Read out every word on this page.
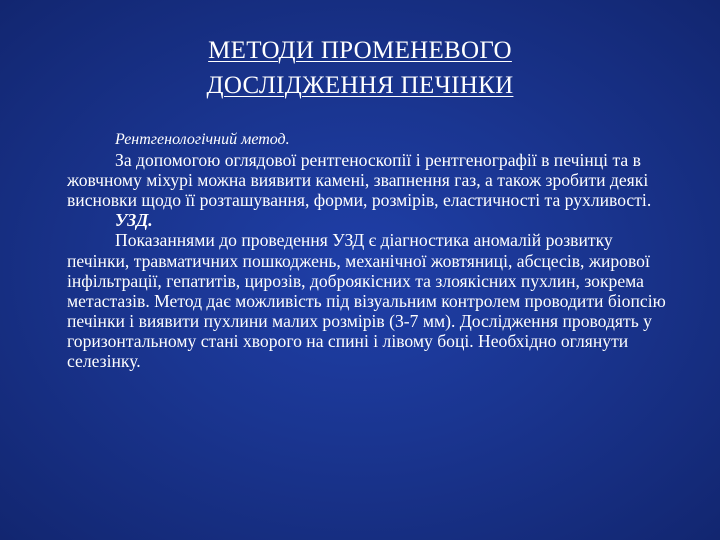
МЕТОДИ ПРОМЕНЕВОГО
ДОСЛІДЖЕННЯ ПЕЧІНКИ

Рентгенологічний метод.

За допомогою оглядової рентгеноскопії і рентгенографії в печінці та в жовчному міхурі можна виявити камені, звапнення газ, а також зробити деякі висновки щодо її розташування, форми, розмірів, еластичності та рухливості.

УЗД.

Показаннями до проведення УЗД є діагностика аномалій розвитку печінки, травматичних пошкоджень, механічної жовтяниці, абсцесів, жирової інфільтрації, гепатитів, цирозів, доброякісних та злоякісних пухлин, зокрема метастазів. Метод дає можливість під візуальним контролем проводити біопсію печінки і виявити пухлини малих розмірів (3-7 мм). Дослідження проводять у горизонтальному стані хворого на спині і лівому боці. Необхідно оглянути селезінку.
